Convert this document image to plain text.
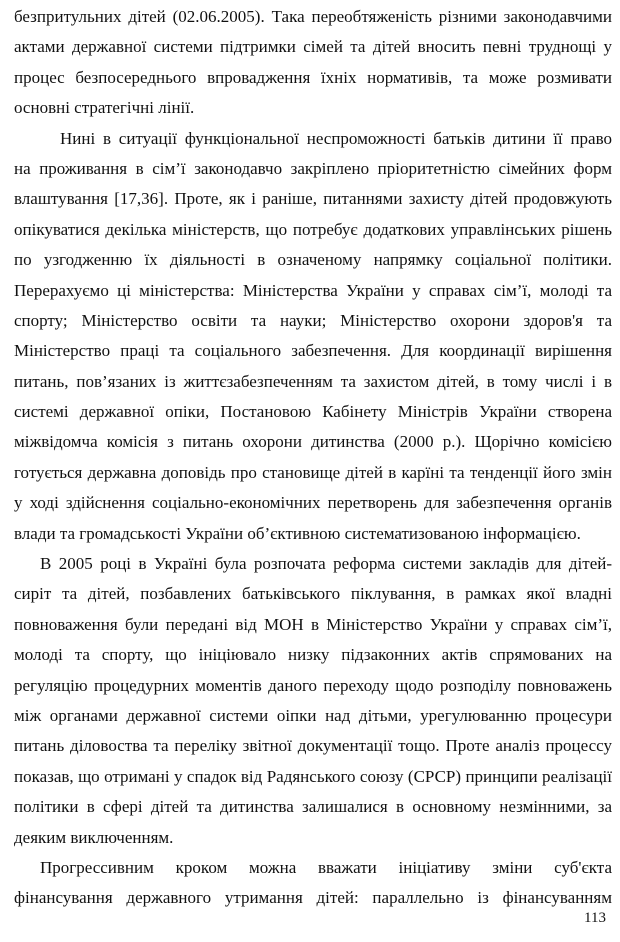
безпритульних дітей (02.06.2005). Така переобтяженість різними законодавчими
актами державної системи підтримки сімей та дітей вносить певні труднощі у
процес безпосереднього впровадження їхніх нормативів, та може розмивати
основні стратегічні лінії.
Нині в ситуації функціональної неспроможності батьків дитини її право
на проживання в сім’ї законодавчо закріплено пріоритетністю сімейних форм
влаштування [17,36]. Проте, як і раніше, питаннями захисту дітей продовжують
опікуватися декілька міністерств, що потребує додаткових управлінських рішень
по узгодженню їх діяльності в означеному напрямку соціальної політики.
Перерахуємо ці міністерства: Міністерства України у справах сім’ї, молоді та
спорту; Міністерство освіти та науки; Міністерство охорони здоров'я та
Міністерство праці та соціального забезпечення. Для координації вирішення
питань, пов’язаних із життєзабезпеченням та захистом дітей, в тому числі і в
системі державної опіки, Постановою Кабінету Міністрів України створена
міжвідомча комісія з питань охорони дитинства (2000 р.). Щорічно комісією
готується державна доповідь про становище дітей в карїні та тенденції його змін
у ході здійснення соціально-економічних перетворень для забезпечення органів
влади та громадськості України об’єктивною систематизованою інформацією.
В 2005 році в Україні була розпочата реформа системи закладів для дітей-
сиріт та дітей, позбавлених батьківського піклування, в рамках якої владні
повноваження були передані від МОН в Міністерство України у справах сім’ї,
молоді та спорту, що ініціювало низку підзаконних актів спрямованих на
регуляцію процедурних моментів даного переходу щодо розподілу повноважень
між органами державної системи оіпки над дітьми, урегулюванню процесури
питань діловоства та переліку звітної документації тощо. Проте аналіз процессу
показав, що отримані у спадок від Радянського союзу (СРСР) принципи реалізації
політики в сфері дітей та дитинства залишалися в основному незмінними, за
деяким виключенням.
Прогрессивним кроком можна вважати ініціативу зміни суб'єкта
фінансування державного утримання дітей: параллельно із фінансуванням
113
